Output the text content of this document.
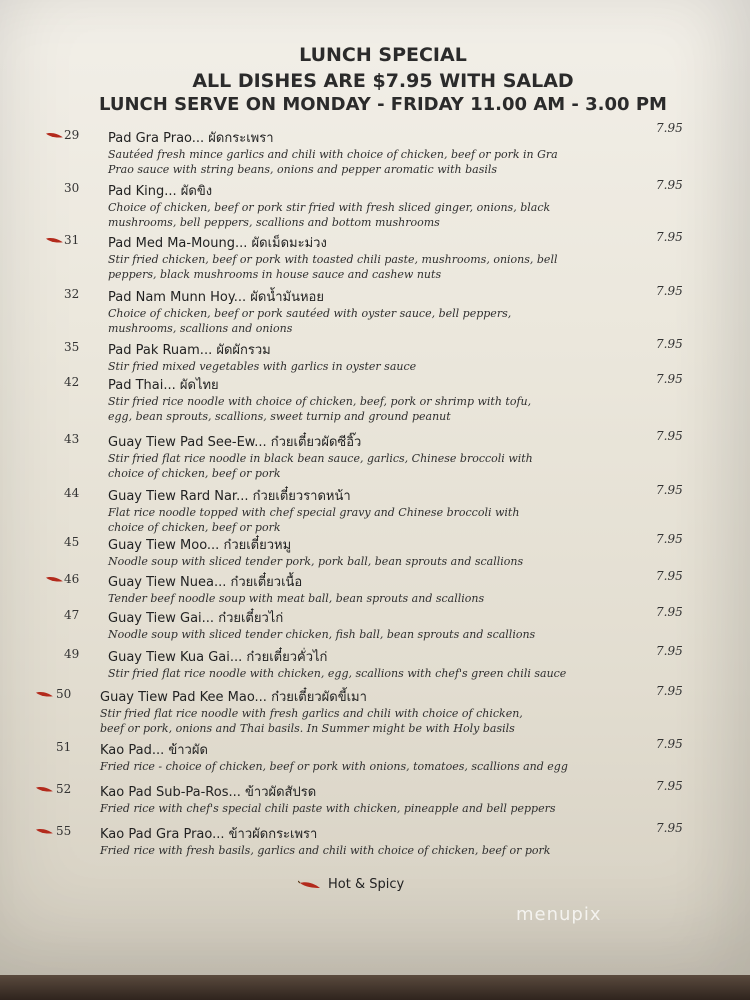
LUNCH SPECIAL
ALL DISHES ARE $7.95 WITH SALAD
LUNCH SERVE ON MONDAY - FRIDAY 11.00 AM - 3.00 PM
29	Pad Gra Prao... ผัดกระเพรา
Sautéed fresh mince garlics and chili with choice of chicken, beef or pork in Gra Prao sauce with string beans, onions and pepper aromatic with basils
7.95
30	Pad King... ผัดขิง
Choice of chicken, beef or pork stir fried with fresh sliced ginger, onions, black mushrooms, bell peppers, scallions and bottom mushrooms
7.95
31	Pad Med Ma-Moung... ผัดเม็ดมะม่วง
Stir fried chicken, beef or pork with toasted chili paste, mushrooms, onions, bell peppers, black mushrooms in house sauce and cashew nuts
7.95
32	Pad Nam Munn Hoy... ผัดน้ำมันหอย
Choice of chicken, beef or pork sautéed with oyster sauce, bell peppers, mushrooms, scallions and onions
7.95
35	Pad Pak Ruam... ผัดผักรวม
Stir fried mixed vegetables with garlics in oyster sauce
7.95
42	Pad Thai... ผัดไทย
Stir fried rice noodle with choice of chicken, beef, pork or shrimp with tofu, egg, bean sprouts, scallions, sweet turnip and ground peanut
7.95
43	Guay Tiew Pad See-Ew... ก๋วยเตี๋ยวผัดซีอิ๊ว
Stir fried flat rice noodle in black bean sauce, garlics, Chinese broccoli with choice of chicken, beef or pork
7.95
44	Guay Tiew Rard Nar... ก๋วยเตี๋ยวราดหน้า
Flat rice noodle topped with chef special gravy and Chinese broccoli with choice of chicken, beef or pork
7.95
45	Guay Tiew Moo... ก๋วยเตี๋ยวหมู
Noodle soup with sliced tender pork, pork ball, bean sprouts and scallions
7.95
46	Guay Tiew Nuea... ก๋วยเตี๋ยวเนื้อ
Tender beef noodle soup with meat ball, bean sprouts and scallions
7.95
47	Guay Tiew Gai... ก๋วยเตี๋ยวไก่
Noodle soup with sliced tender chicken, fish ball, bean sprouts and scallions
7.95
49	Guay Tiew Kua Gai... ก๋วยเตี๋ยวคั่วไก่
Stir fried flat rice noodle with chicken, egg, scallions with chef's green chili sauce
7.95
50	Guay Tiew Pad Kee Mao... ก๋วยเตี๋ยวผัดขี้เมา
Stir fried flat rice noodle with fresh garlics and chili with choice of chicken, beef or pork, onions and Thai basils. In Summer might be with Holy basils
7.95
51	Kao Pad... ข้าวผัด
Fried rice - choice of chicken, beef or pork with onions, tomatoes, scallions and egg
7.95
52	Kao Pad Sub-Pa-Ros... ข้าวผัดสัปรด
Fried rice with chef's special chili paste with chicken, pineapple and bell peppers
7.95
55	Kao Pad Gra Prao... ข้าวผัดกระเพรา
Fried rice with fresh basils, garlics and chili with choice of chicken, beef or pork
7.95
Hot & Spicy
menupix
